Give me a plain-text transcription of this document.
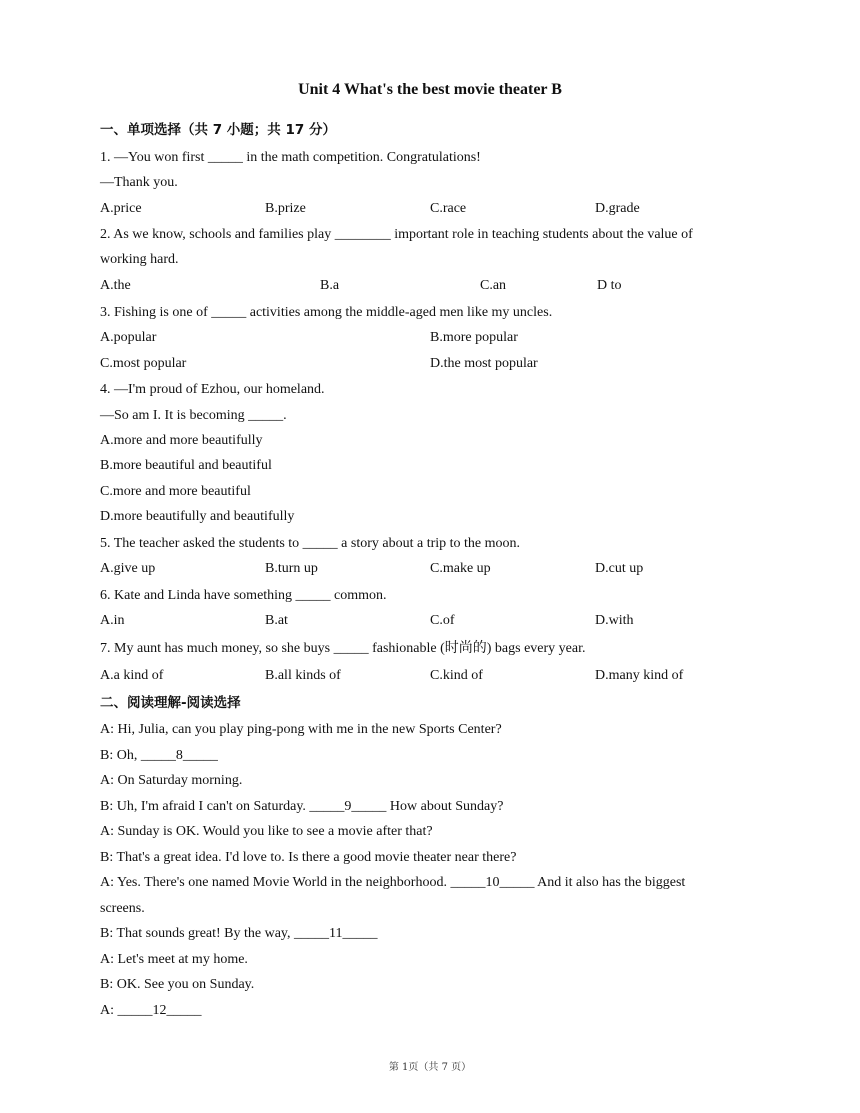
Unit 4 What's the best movie theater B
一、单项选择（共 7 小题；共 17 分）
1. —You won first _____ in the math competition. Congratulations!
—Thank you.
A.price	B.prize	C.race	D.grade
2. As we know, schools and families play ________ important role in teaching students about the value of
working hard.
A.the	B.a	C.an	D to
3. Fishing is one of _____ activities among the middle-aged men like my uncles.
A.popular	B.more popular
C.most popular	D.the most popular
4. —I'm proud of Ezhou, our homeland.
—So am I. It is becoming _____.
A.more and more beautifully
B.more beautiful and beautiful
C.more and more beautiful
D.more beautifully and beautifully
5. The teacher asked the students to _____ a story about a trip to the moon.
A.give up	B.turn up	C.make up	D.cut up
6. Kate and Linda have something _____ common.
A.in	B.at	C.of	D.with
7. My aunt has much money, so she buys _____ fashionable (时尚的) bags every year.
A.a kind of	B.all kinds of	C.kind of	D.many kind of
二、阅读理解-阅读选择
A: Hi, Julia, can you play ping-pong with me in the new Sports Center?
B: Oh, _____8_____
A: On Saturday morning.
B: Uh, I'm afraid I can't on Saturday. _____9_____ How about Sunday?
A: Sunday is OK. Would you like to see a movie after that?
B: That's a great idea. I'd love to. Is there a good movie theater near there?
A: Yes. There's one named Movie World in the neighborhood. _____10_____ And it also has the biggest
screens.
B: That sounds great! By the way, _____11_____
A: Let's meet at my home.
B: OK. See you on Sunday.
A: _____12_____
第 1页（共 7 页）
